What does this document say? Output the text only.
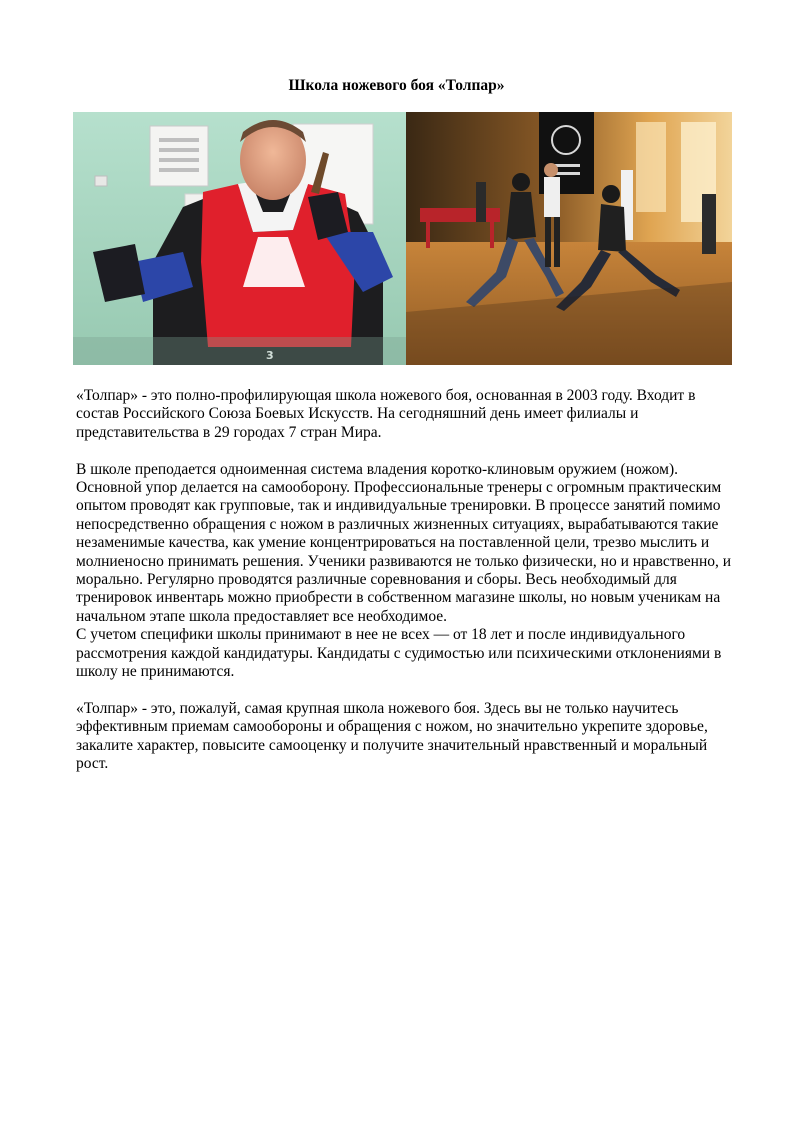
Школа ножевого боя «Толпар»
3

«Толпар» - это полно-профилирующая школа ножевого боя, основанная в 2003 году. Входит в состав Российского Союза Боевых Искусств. На сегодняшний день имеет филиалы и представительства в 29 городах 7 стран Мира.

В школе преподается одноименная система владения коротко-клиновым оружием (ножом). Основной упор делается на самооборону. Профессиональные тренеры с огромным практическим опытом проводят как групповые, так и индивидуальные тренировки. В процессе занятий помимо непосредственно обращения с ножом в различных жизненных ситуациях, вырабатываются такие незаменимые качества, как умение концентрироваться на поставленной цели, трезво мыслить и молниеносно принимать решения. Ученики развиваются не только физически, но и нравственно, и морально. Регулярно проводятся различные соревнования и сборы. Весь необходимый для тренировок инвентарь можно приобрести в собственном магазине школы, но новым ученикам на начальном этапе школа предоставляет все необходимое.

С учетом специфики школы принимают в нее не всех — от 18 лет и после индивидуального рассмотрения каждой кандидатуры. Кандидаты с судимостью или психическими отклонениями в школу не принимаются.

«Толпар» - это, пожалуй, самая крупная школа ножевого боя. Здесь вы не только научитесь эффективным приемам самообороны и обращения с ножом, но значительно укрепите здоровье, закалите характер, повысите самооценку и получите значительный нравственный и моральный рост.
